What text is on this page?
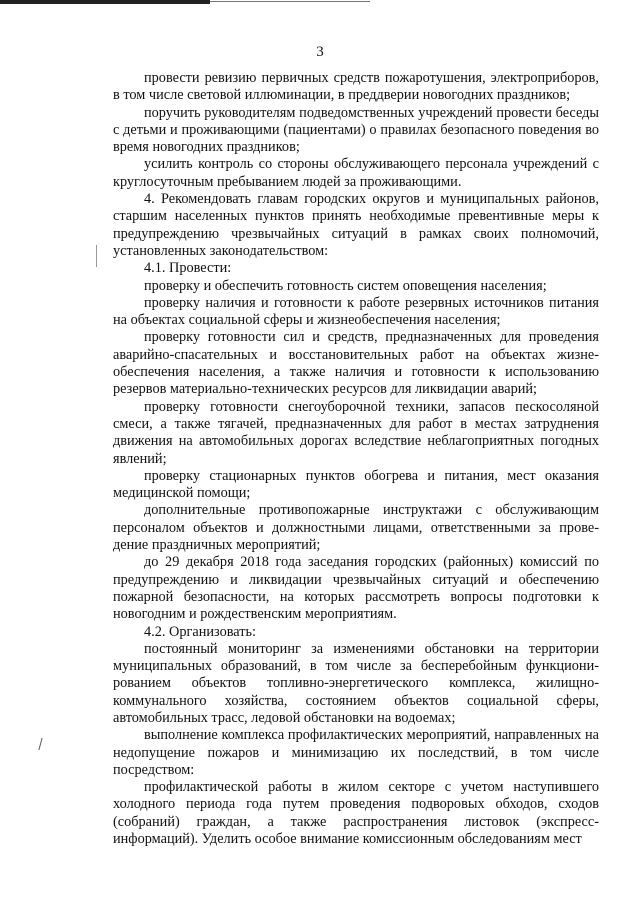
3

провести ревизию первичных средств пожаротушения, электроприборов, в том числе световой иллюминации, в преддверии новогодних праздников;

поручить руководителям подведомственных учреждений провести беседы с детьми и проживающими (пациентами) о правилах безопасного поведения во время новогодних праздников;

усилить контроль со стороны обслуживающего персонала учреждений с круглосуточным пребыванием людей за проживающими.

4. Рекомендовать главам городских округов и муниципальных районов, старшим населенных пунктов принять необходимые превентивные меры к предупреждению чрезвычайных ситуаций в рамках своих полномочий, установленных законодательством:

4.1. Провести:

проверку и обеспечить готовность систем оповещения населения;

проверку наличия и готовности к работе резервных источников питания на объектах социальной сферы и жизнеобеспечения населения;

проверку готовности сил и средств, предназначенных для проведения аварийно-спасательных и восстановительных работ на объектах жизне-обеспечения населения, а также наличия и готовности к использованию резервов материально-технических ресурсов для ликвидации аварий;

проверку готовности снегоуборочной техники, запасов пескосоляной смеси, а также тягачей, предназначенных для работ в местах затруднения движения на автомобильных дорогах вследствие неблагоприятных погодных явлений;

проверку стационарных пунктов обогрева и питания, мест оказания медицинской помощи;

дополнительные противопожарные инструктажи с обслуживающим персоналом объектов и должностными лицами, ответственными за прове-дение праздничных мероприятий;

до 29 декабря 2018 года заседания городских (районных) комиссий по предупреждению и ликвидации чрезвычайных ситуаций и обеспечению пожарной безопасности, на которых рассмотреть вопросы подготовки к новогодним и рождественским мероприятиям.

4.2. Организовать:

постоянный мониторинг за изменениями обстановки на территории муниципальных образований, в том числе за бесперебойным функциони-рованием объектов топливно-энергетического комплекса, жилищно-коммунального хозяйства, состоянием объектов социальной сферы, автомобильных трасс, ледовой обстановки на водоемах;

выполнение комплекса профилактических мероприятий, направленных на недопущение пожаров и минимизацию их последствий, в том числе посредством:

профилактической работы в жилом секторе с учетом наступившего холодного периода года путем проведения подворовых обходов, сходов (собраний) граждан, а также распространения листовок (экспресс-информаций). Уделить особое внимание комиссионным обследованиям мест
